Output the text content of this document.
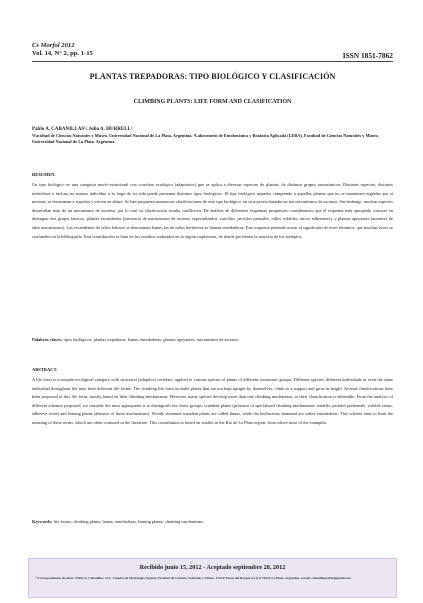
Cs Morfol 2012
Vol. 14, N° 2, pp. 1-15	ISSN 1851-7862
PLANTAS TREPADORAS: TIPO BIOLÓGICO Y CLASIFICACIÓN
CLIMBING PLANTS: LIFE FORM AND CLASIFICATION
Pablo A. CABANILLAS¹; Julio A. HURRELL²
¹Facultad de Ciencias Naturales y Museo, Universidad Nacional de La Plata. Argentina. ²Laboratorio de Etnobotánica y Botánica Aplicada (LEBA), Facultad de Ciencias Naturales y Museo, Universidad Nacional de La Plata. Argentina.
RESUMEN.
Un tipo biológico es una categoría morfo-estructural con correlato ecológico (adaptativo) que se aplica a diversas especies de plantas, de distintos grupos taxonómicos. Distintas especies, distintos individuos o incluso un mismo individuo a lo largo de su vida puede presentar distintos tipos biológicos. El tipo biológico trepador comprende a aquellas plantas que no se mantienen erguidas por sí mismas, se encaraman a soportes y crecen en altura. Se han propuesto numerosas clasificaciones de este tipo biológico, en su mayoría basadas en sus mecanismos de ascenso. Sin embargo, muchas especies desarrollan más de un mecanismo de ascenso, por lo cual su clasificación resulta conflictiva. De análisis de diferentes esquemas propuestos consideramos que el esquema más apropiado consiste en distinguir dos grupos básicos: plantas escandentes (presencia de mecanismos de ascenso especializados: zarcillos, peciolos prensiles, tallos volubles, raíces adherentes), y plantas apoyantes (ausencia de tales mecanismos). Las escandentes de tallos leñosos se denominan lianas, las de tallos herbáceos se llaman enredaderas. Este esquema pretende acotar el significado de estos términos, que muchas veces se confunden en la bibliografía. Esta contribución se basa en los estudios realizados en la región rioplatense, de donde provienen la mayoría de los ejemplos.
Palabras claves: tipos biológicos, plantas trepadoras, lianas, enredaderas, plantas apoyantes, mecanismos de ascenso.
ABSTRACT.
A life form is a morpho-ecological category with structural (adaptive) correlate, applied to various species of plants of different taxonomic groups. Different species, different individuals or even the same individual throughout life may have different life forms. The climbing life form includes plants that are not kept upright by themselves, climb to a support and grow in height. Several classifications have been proposed of this life form, mostly based on their climbing mechanisms. However, many species develop more than one climbing mechanism, so their classification is debatable. From the analysis of different schemes proposed, we consider the most appropriate is to distinguish two basic groups: scandent plants (presence of specialized climbing mechanisms: tendrils, petioles prehensile, voluble stems, adhesive roots) and leaning plants (absence of those mechanisms). Woody stemmed scandent plants are called lianas, while the herbaceous stemmed are called enredaderas. This scheme aims to limit the meaning of these terms, which are often confused in the literature. This contribution is based on studies in the Rio de La Plata region, from where most of the examples.
Keywords: life forms, climbing plants, lianas, enredaderas, leaning plants, climbing mechanisms.
Recibido junio 15, 2012 - Aceptado septiembre 28, 2012
¹ Correspondencia de autor: Pablo A. Cabanillas. CIC. Cátedra de Morfología Vegetal, Facultad de Ciencias Naturales y Museo. UNLP. Paseo del Bosque s/n (CP 1900). La Plata, Argentina. e-mail: cabanillaspablo@gmail.com
